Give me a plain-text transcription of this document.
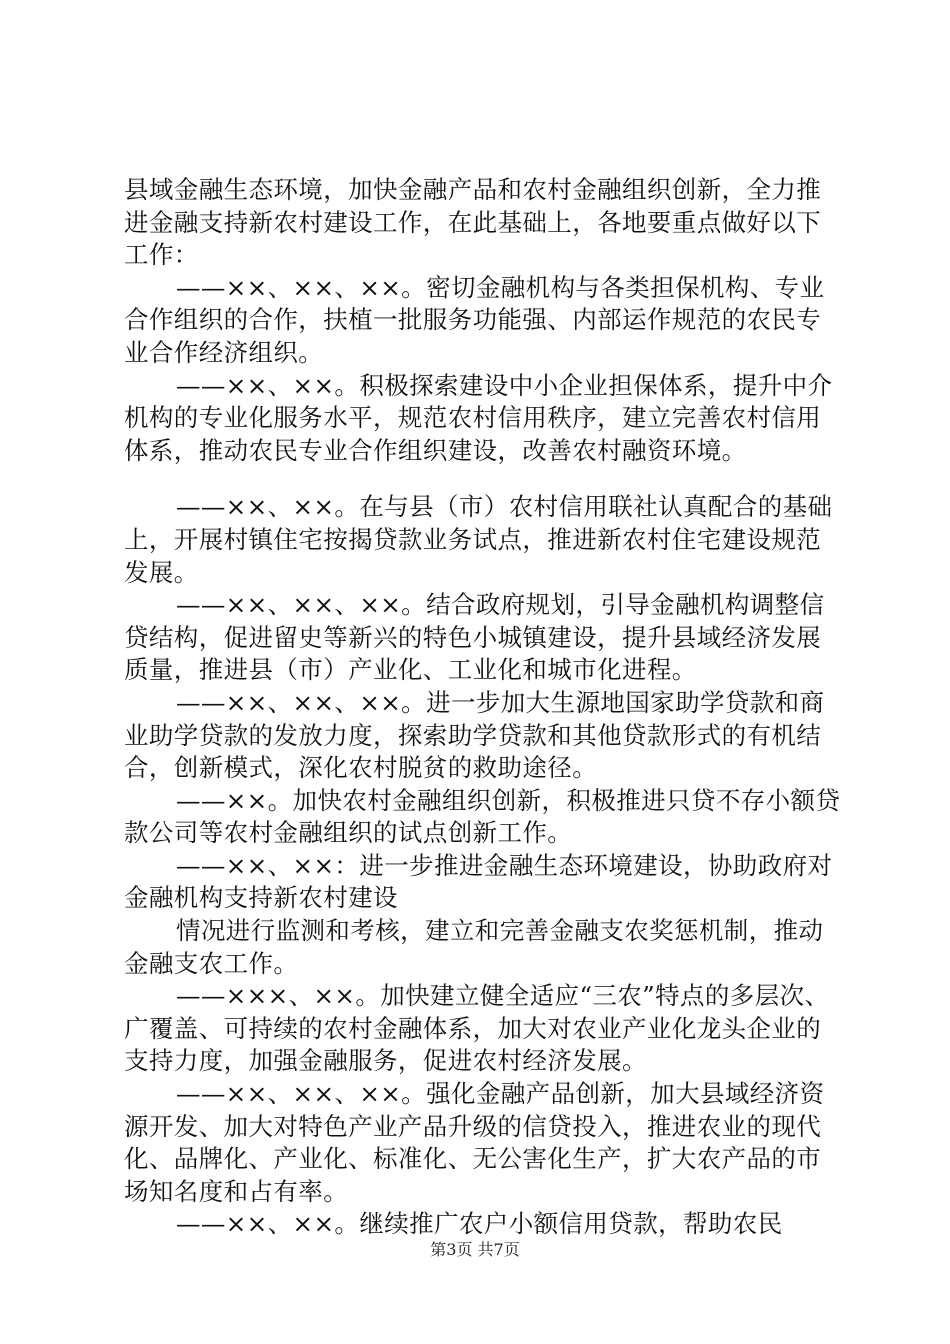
县域金融生态环境，加快金融产品和农村金融组织创新，全力推进金融支持新农村建设工作，在此基础上，各地要重点做好以下工作：

——××、××、××。密切金融机构与各类担保机构、专业合作组织的合作，扶植一批服务功能强、内部运作规范的农民专业合作经济组织。

——××、××。积极探索建设中小企业担保体系，提升中介机构的专业化服务水平，规范农村信用秩序，建立完善农村信用体系，推动农民专业合作组织建设，改善农村融资环境。

——××、××。在与县（市）农村信用联社认真配合的基础上，开展村镇住宅按揭贷款业务试点，推进新农村住宅建设规范发展。

——××、××、××。结合政府规划，引导金融机构调整信贷结构，促进留史等新兴的特色小城镇建设，提升县域经济发展质量，推进县（市）产业化、工业化和城市化进程。

——××、××、××。进一步加大生源地国家助学贷款和商业助学贷款的发放力度，探索助学贷款和其他贷款形式的有机结合，创新模式，深化农村脱贫的救助途径。

——××。加快农村金融组织创新，积极推进只贷不存小额贷款公司等农村金融组织的试点创新工作。

——××、××：进一步推进金融生态环境建设，协助政府对金融机构支持新农村建设

情况进行监测和考核，建立和完善金融支农奖惩机制，推动金融支农工作。

——×××、××。加快建立健全适应“三农”特点的多层次、广覆盖、可持续的农村金融体系，加大对农业产业化龙头企业的支持力度，加强金融服务，促进农村经济发展。

——××、××、××。强化金融产品创新，加大县域经济资源开发、加大对特色产业产品升级的信贷投入，推进农业的现代化、品牌化、产业化、标准化、无公害化生产，扩大农产品的市场知名度和占有率。

——××、××。继续推广农户小额信用贷款，帮助农民

第3页 共7页
